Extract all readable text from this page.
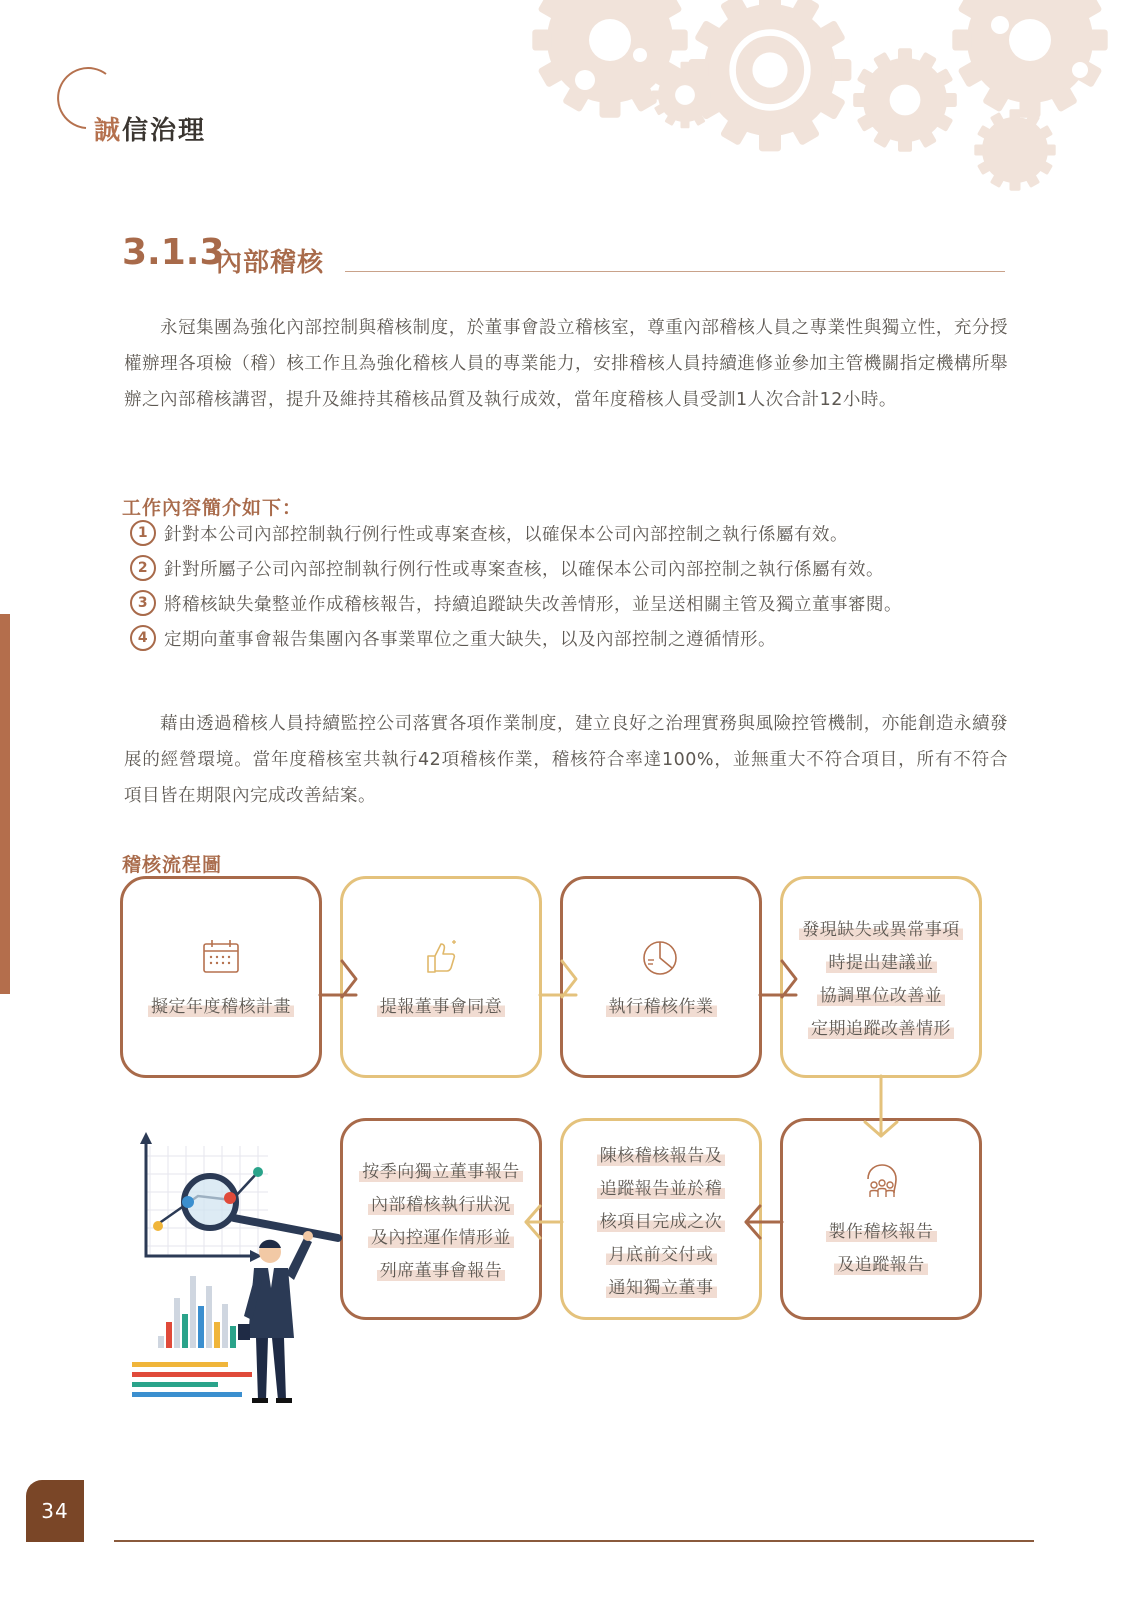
誠信治理
3.1.3
內部稽核
  永冠集團為強化內部控制與稽核制度，於董事會設立稽核室，尊重內部稽核人員之專業性與獨立性，充分授權辦理各項檢（稽）核工作且為強化稽核人員的專業能力，安排稽核人員持續進修並參加主管機關指定機構所舉辦之內部稽核講習，提升及維持其稽核品質及執行成效，當年度稽核人員受訓1人次合計12小時。
工作內容簡介如下：
1 針對本公司內部控制執行例行性或專案查核，以確保本公司內部控制之執行係屬有效。
2 針對所屬子公司內部控制執行例行性或專案查核，以確保本公司內部控制之執行係屬有效。
3 將稽核缺失彙整並作成稽核報告，持續追蹤缺失改善情形，並呈送相關主管及獨立董事審閱。
4 定期向董事會報告集團內各事業單位之重大缺失，以及內部控制之遵循情形。
  藉由透過稽核人員持續監控公司落實各項作業制度，建立良好之治理實務與風險控管機制，亦能創造永續發展的經營環境。當年度稽核室共執行42項稽核作業，稽核符合率達100%，並無重大不符合項目，所有不符合項目皆在期限內完成改善結案。
稽核流程圖
擬定年度稽核計畫	提報董事會同意	執行稽核作業
發現缺失或異常事項
時提出建議並
協調單位改善並
定期追蹤改善情形
製作稽核報告
及追蹤報告
陳核稽核報告及
追蹤報告並於稽
核項目完成之次
月底前交付或
通知獨立董事
按季向獨立董事報告
內部稽核執行狀況
及內控運作情形並
列席董事會報告
34
